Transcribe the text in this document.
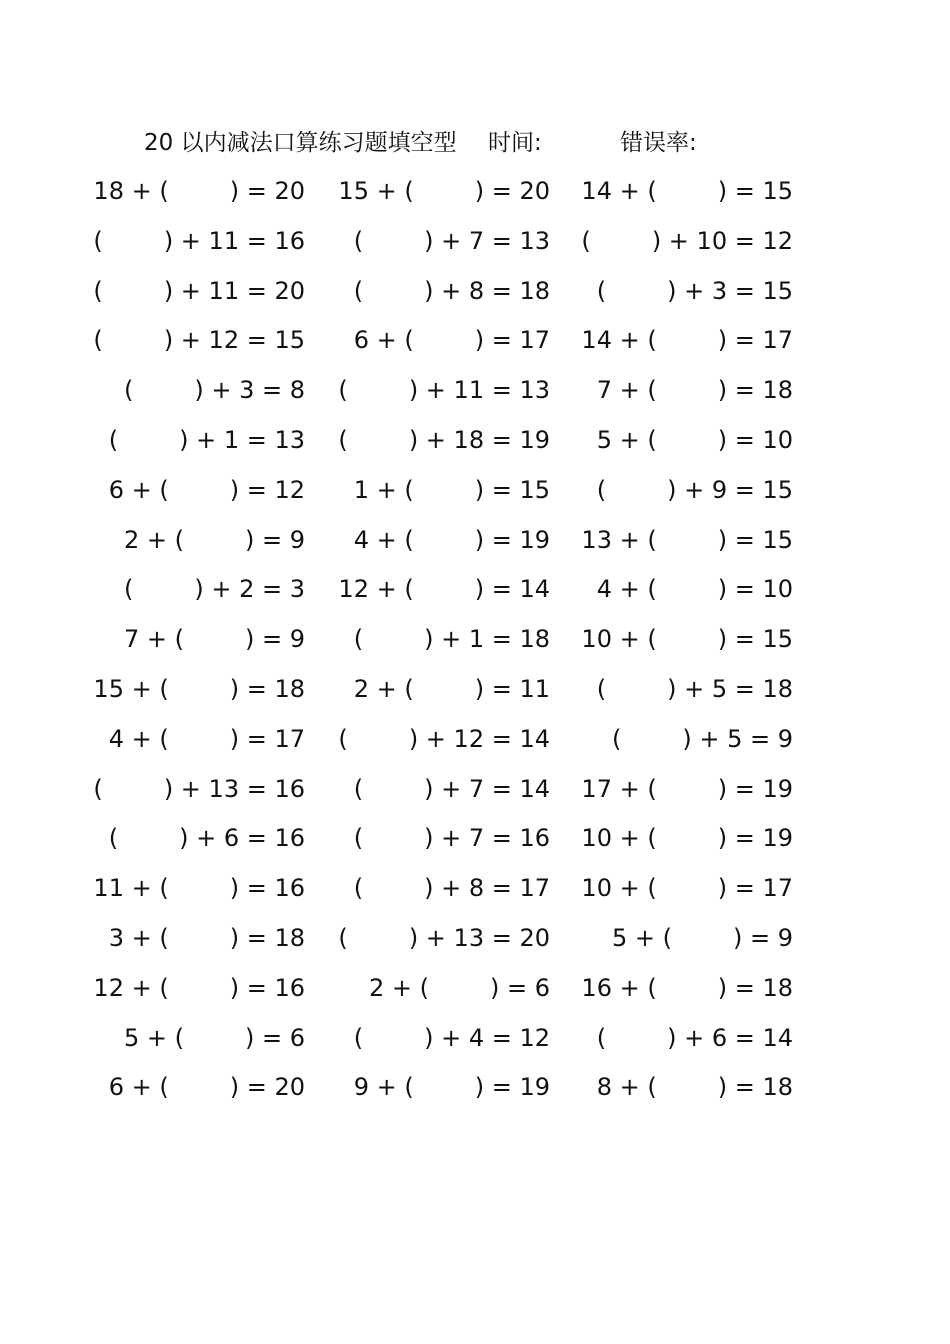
20 以内减法口算练习题填空型 时间:	错误率:
18 + (        ) = 20 15 + (        ) = 20 14 + (        ) = 15
(        ) + 11 = 16 (        ) + 7 = 13 (        ) + 10 = 12
(        ) + 11 = 20 (        ) + 8 = 18 (        ) + 3 = 15
(        ) + 12 = 15 6 + (        ) = 17 14 + (        ) = 17
(        ) + 3 = 8 (        ) + 11 = 13 7 + (        ) = 18
(        ) + 1 = 13 (        ) + 18 = 19 5 + (        ) = 10
6 + (        ) = 12 1 + (        ) = 15 (        ) + 9 = 15
2 + (        ) = 9 4 + (        ) = 19 13 + (        ) = 15
(        ) + 2 = 3 12 + (        ) = 14 4 + (        ) = 10
7 + (        ) = 9 (        ) + 1 = 18 10 + (        ) = 15
15 + (        ) = 18 2 + (        ) = 11 (        ) + 5 = 18
4 + (        ) = 17 (        ) + 12 = 14	(        ) + 5 = 9
(        ) + 13 = 16 (        ) + 7 = 14 17 + (        ) = 19
(        ) + 6 = 16 (        ) + 7 = 16 10 + (        ) = 19
11 + (        ) = 16 (        ) + 8 = 17 10 + (        ) = 17
3 + (        ) = 18 (        ) + 13 = 20	5 + (        ) = 9
12 + (        ) = 16	2 + (        ) = 6 16 + (        ) = 18
5 + (        ) = 6 (        ) + 4 = 12 (        ) + 6 = 14
6 + (        ) = 20 9 + (        ) = 19 8 + (        ) = 18
